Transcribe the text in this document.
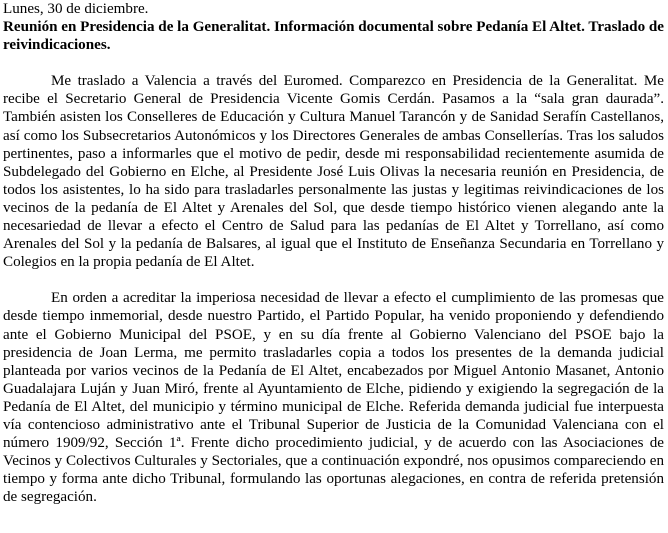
Lunes, 30 de diciembre.

Reunión en Presidencia de la Generalitat. Información documental sobre Pedanía El Altet. Traslado de reivindicaciones.

Me traslado a Valencia a través del Euromed. Comparezco en Presidencia de la Generalitat. Me recibe el Secretario General de Presidencia Vicente Gomis Cerdán. Pasamos a la “sala gran daurada”. También asisten los Conselleres de Educación y Cultura Manuel Tarancón y de Sanidad Serafín Castellanos, así como los Subsecretarios Autonómicos y los Directores Generales de ambas Consellerías. Tras los saludos pertinentes, paso a informarles que el motivo de pedir, desde mi responsabilidad recientemente asumida de Subdelegado del Gobierno en Elche, al Presidente José Luis Olivas la necesaria reunión en Presidencia, de todos los asistentes, lo ha sido para trasladarles personalmente las justas y legitimas reivindicaciones de los vecinos de la pedanía de El Altet y Arenales del Sol, que desde tiempo histórico vienen alegando ante la necesariedad de llevar a efecto el Centro de Salud para las pedanías de El Altet y Torrellano, así como Arenales del Sol y la pedanía de Balsares, al igual que el Instituto de Enseñanza Secundaria en Torrellano y Colegios en la propia pedanía de El Altet.

En orden a acreditar la imperiosa necesidad de llevar a efecto el cumplimiento de las promesas que desde tiempo inmemorial, desde nuestro Partido, el Partido Popular, ha venido proponiendo y defendiendo ante el Gobierno Municipal del PSOE, y en su día frente al Gobierno Valenciano del PSOE bajo la presidencia de Joan Lerma, me permito trasladarles copia a todos los presentes de la demanda judicial planteada por varios vecinos de la Pedanía de El Altet, encabezados por Miguel Antonio Masanet, Antonio Guadalajara Luján y Juan Miró, frente al Ayuntamiento de Elche, pidiendo y exigiendo la segregación de la Pedanía de El Altet, del municipio y término municipal de Elche. Referida demanda judicial fue interpuesta vía contencioso administrativo ante el Tribunal Superior de Justicia de la Comunidad Valenciana con el número 1909/92, Sección 1ª. Frente dicho procedimiento judicial, y de acuerdo con las Asociaciones de Vecinos y Colectivos Culturales y Sectoriales, que a continuación expondré, nos opusimos compareciendo en tiempo y forma ante dicho Tribunal, formulando las oportunas alegaciones, en contra de referida pretensión de segregación.
